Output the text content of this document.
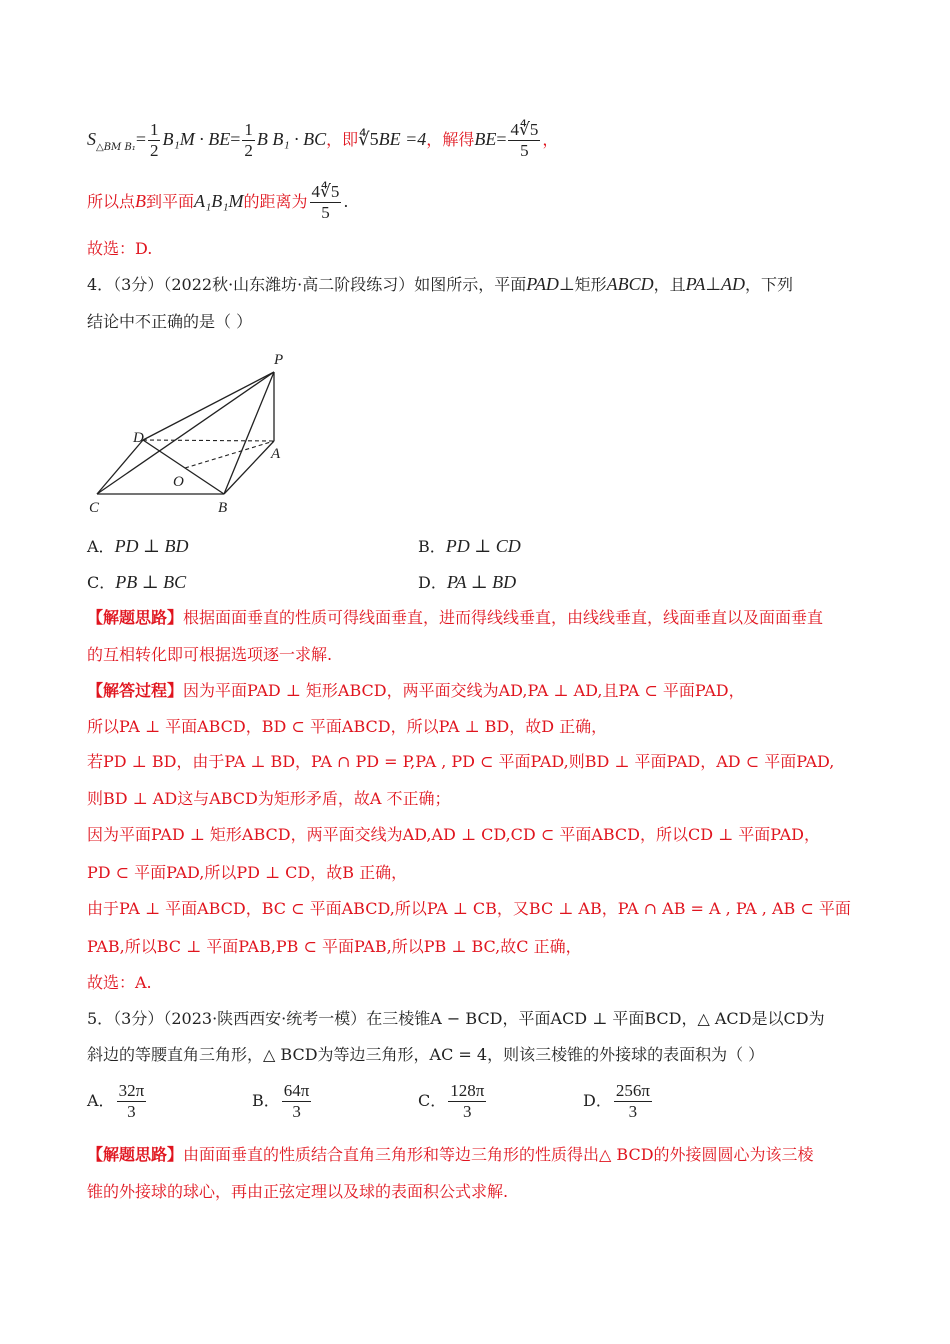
$S_{\triangle BM B_1}= \frac{1}{2} B_1M \cdot BE= \frac{1}{2}$ B B₁ · BC，即∜5BE =4，解得$BE= \frac{4∜5}{5}$ ，
所以点B到平面A₁B₁M的距离为 $\frac{4∜5}{5}$ .
故选：D.
4．（3分）（2022秋·山东潍坊·高二阶段练习）如图所示，平面PAD⊥矩形ABCD，且PA⊥AD，下列
结论中不正确的是（ ）
P
D
A
O
C	B
A．PD ⊥ BD	B．PD ⊥ CD
C．PB ⊥ BC	D．PA ⊥ BD
【解题思路】根据面面垂直的性质可得线面垂直，进而得线线垂直，由线线垂直，线面垂直以及面面垂直
的互相转化即可根据选项逐一求解.
【解答过程】因为平面PAD ⊥ 矩形ABCD，两平面交线为AD,PA ⊥ AD,且PA ⊂ 平面PAD，
所以PA ⊥ 平面ABCD，BD ⊂ 平面ABCD，所以PA ⊥ BD，故D 正确，
若PD ⊥ BD，由于PA ⊥ BD，PA ∩ PD = P,PA , PD ⊂ 平面PAD,则BD ⊥ 平面PAD，AD ⊂ 平面PAD,
则BD ⊥ AD这与ABCD为矩形矛盾，故A 不正确；
因为平面PAD ⊥ 矩形ABCD，两平面交线为AD,AD ⊥ CD,CD ⊂ 平面ABCD，所以CD ⊥ 平面PAD，
PD ⊂ 平面PAD,所以PD ⊥ CD，故B 正确，
由于PA ⊥ 平面ABCD，BC ⊂ 平面ABCD,所以PA ⊥ CB，又BC ⊥ AB，PA ∩ AB = A , PA , AB ⊂ 平面
PAB,所以BC ⊥ 平面PAB,PB ⊂ 平面PAB,所以PB ⊥ BC,故C 正确，
故选：A.
5．（3分）（2023·陕西西安·统考一模）在三棱锥A − BCD，平面ACD ⊥ 平面BCD，△ ACD是以CD为
斜边的等腰直角三角形，△ BCD为等边三角形，AC = 4，则该三棱锥的外接球的表面积为（ ）
A． $\frac{32\pi}{3}$	B． $\frac{64\pi}{3}$	C． $\frac{128\pi}{3}$	D． $\frac{256\pi}{3}$
【解题思路】由面面垂直的性质结合直角三角形和等边三角形的性质得出△ BCD的外接圆圆心为该三棱
锥的外接球的球心，再由正弦定理以及球的表面积公式求解.
